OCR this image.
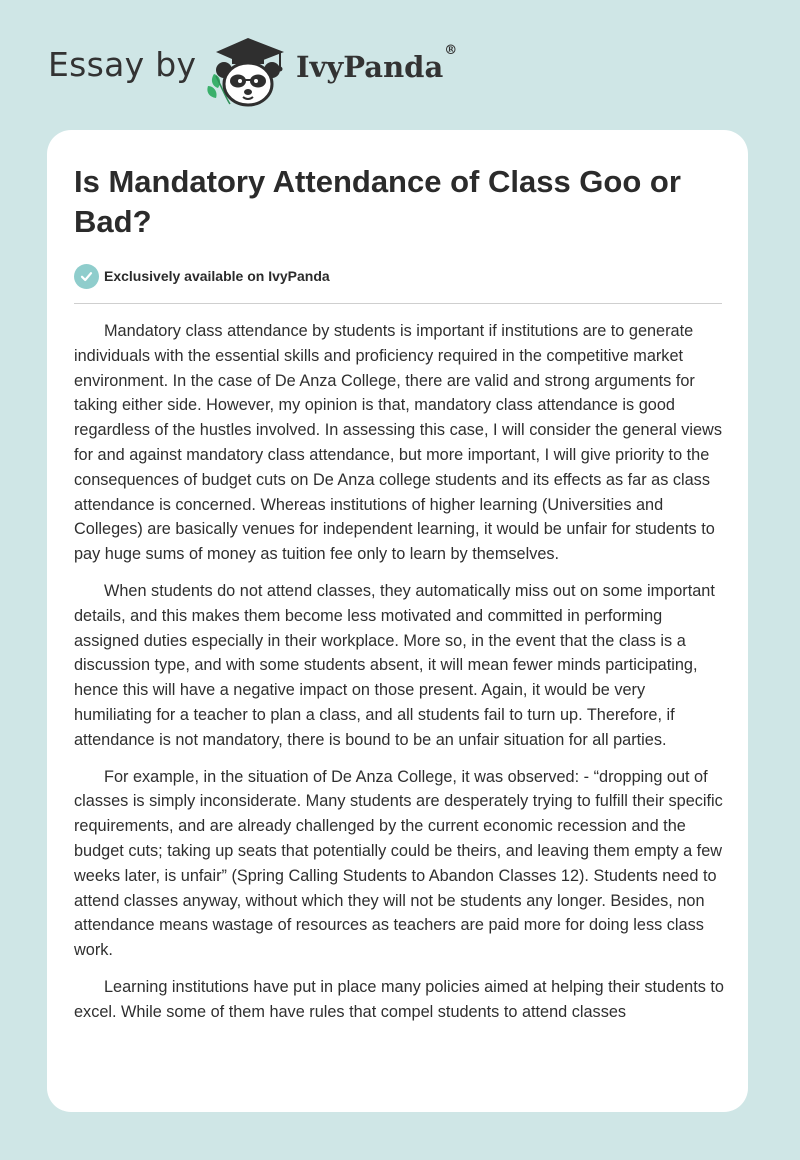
Essay by	IvyPanda®
Is Mandatory Attendance of Class Goo or Bad?
Exclusively available on IvyPanda

Mandatory class attendance by students is important if institutions are to generate individuals with the essential skills and proficiency required in the competitive market environment. In the case of De Anza College, there are valid and strong arguments for taking either side. However, my opinion is that, mandatory class attendance is good regardless of the hustles involved. In assessing this case, I will consider the general views for and against mandatory class attendance, but more important, I will give priority to the consequences of budget cuts on De Anza college students and its effects as far as class attendance is concerned. Whereas institutions of higher learning (Universities and Colleges) are basically venues for independent learning, it would be unfair for students to pay huge sums of money as tuition fee only to learn by themselves.

When students do not attend classes, they automatically miss out on some important details, and this makes them become less motivated and committed in performing assigned duties especially in their workplace. More so, in the event that the class is a discussion type, and with some students absent, it will mean fewer minds participating, hence this will have a negative impact on those present. Again, it would be very humiliating for a teacher to plan a class, and all students fail to turn up. Therefore, if attendance is not mandatory, there is bound to be an unfair situation for all parties.

For example, in the situation of De Anza College, it was observed: - “dropping out of classes is simply inconsiderate. Many students are desperately trying to fulfill their specific requirements, and are already challenged by the current economic recession and the budget cuts; taking up seats that potentially could be theirs, and leaving them empty a few weeks later, is unfair” (Spring Calling Students to Abandon Classes 12). Students need to attend classes anyway, without which they will not be students any longer. Besides, non attendance means wastage of resources as teachers are paid more for doing less class work.

Learning institutions have put in place many policies aimed at helping their students to excel. While some of them have rules that compel students to attend classes
